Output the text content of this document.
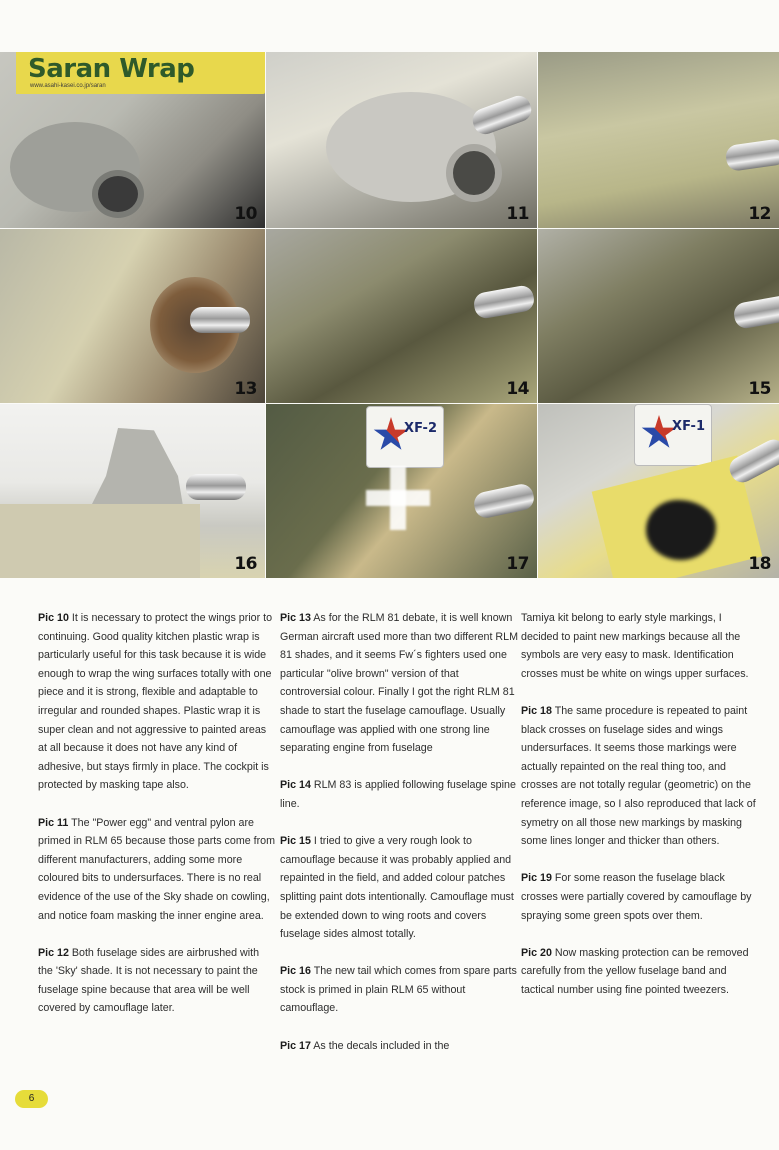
Saran Wrap
www.asahi-kasei.co.jp/saran
10	11	12
13	14	15
16
XF-2
17
XF-1
18

Pic 10 It is necessary to protect the wings prior to continuing. Good quality kitchen plastic wrap is particularly useful for this task because it is wide enough to wrap the wing surfaces totally with one piece and it is strong, flexible and adaptable to irregular and rounded shapes. Plastic wrap it is super clean and not aggressive to painted areas at all because it does not have any kind of adhesive, but stays firmly in place. The cockpit is protected by masking tape also.

Pic 11 The "Power egg" and ventral pylon are primed in RLM 65 because those parts come from different manufacturers, adding some more coloured bits to undersurfaces. There is no real evidence of the use of the Sky shade on cowling, and notice foam masking the inner engine area.

Pic 12 Both fuselage sides are airbrushed with the 'Sky' shade. It is not necessary to paint the fuselage spine because that area will be well covered by camouflage later.

Pic 13 As for the RLM 81 debate, it is well known German aircraft used more than two different RLM 81 shades, and it seems Fw´s fighters used one particular "olive brown" version of that controversial colour. Finally I got the right RLM 81 shade to start the fuselage camouflage. Usually camouflage was applied with one strong line separating engine from fuselage

Pic 14 RLM 83 is applied following fuselage spine line.

Pic 15 I tried to give a very rough look to camouflage because it was probably applied and repainted in the field, and added colour patches splitting paint dots intentionally. Camouflage must be extended down to wing roots and covers fuselage sides almost totally.

Pic 16 The new tail which comes from spare parts stock is primed in plain RLM 65 without camouflage.

Pic 17 As the decals included in the

Tamiya kit belong to early style markings, I decided to paint new markings because all the symbols are very easy to mask. Identification crosses must be white on wings upper surfaces.

Pic 18 The same procedure is repeated to paint black crosses on fuselage sides and wings undersurfaces. It seems those markings were actually repainted on the real thing too, and crosses are not totally regular (geometric) on the reference image, so I also reproduced that lack of symetry on all those new markings by masking some lines longer and thicker than others.

Pic 19 For some reason the fuselage black crosses were partially covered by camouflage by spraying some green spots over them.

Pic 20 Now masking protection can be removed carefully from the yellow fuselage band and tactical number using fine pointed tweezers.

6
